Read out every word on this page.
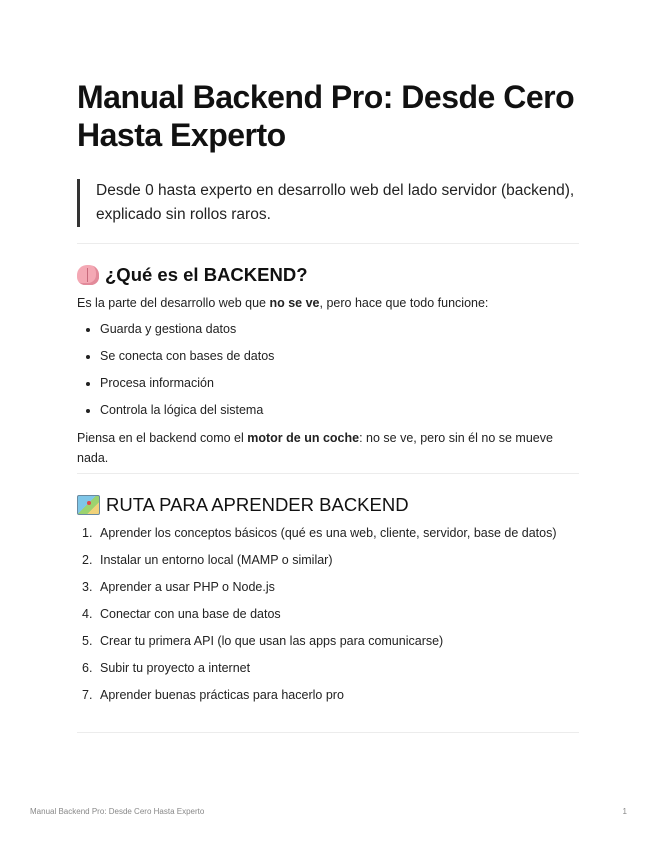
Manual Backend Pro: Desde Cero Hasta Experto
Desde 0 hasta experto en desarrollo web del lado servidor (backend), explicado sin rollos raros.
¿Qué es el BACKEND?

Es la parte del desarrollo web que no se ve, pero hace que todo funcione:

Guarda y gestiona datos
Se conecta con bases de datos
Procesa información
Controla la lógica del sistema

Piensa en el backend como el motor de un coche: no se ve, pero sin él no se mueve nada.

RUTA PARA APRENDER BACKEND
1. Aprender los conceptos básicos (qué es una web, cliente, servidor, base de datos)
2. Instalar un entorno local (MAMP o similar)
3. Aprender a usar PHP o Node.js
4. Conectar con una base de datos
5. Crear tu primera API (lo que usan las apps para comunicarse)
6. Subir tu proyecto a internet
7. Aprender buenas prácticas para hacerlo pro
Manual Backend Pro: Desde Cero Hasta Experto	1
